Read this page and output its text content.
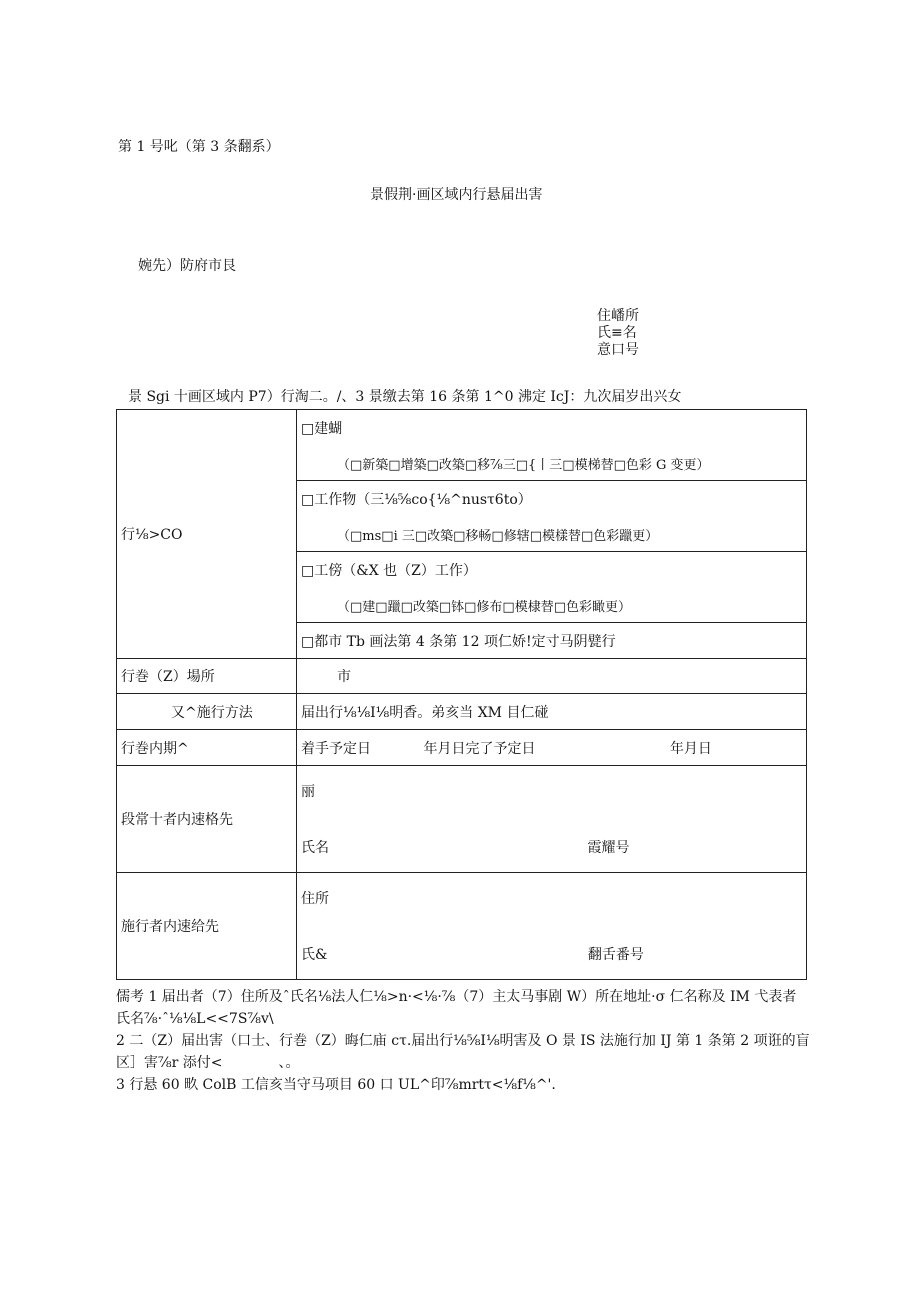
第 1 号叱（第 3 条翻系）
景假荆·画区域内行悬届出害
婉先）防府市艮
住嶓所
氏≡名
意口号
景 Sgi 十画区域内 P7）行淘二。/、3 景缴去第 16 条第 1^0 沸定 IcJ：九次届岁出兴女
行⅛>CO	□建蝴
（□新築□增築□改築□移⅞三□{丨三□模梯替□色彩 G 变更）

	□工作物（三⅛⅝co{⅛^nusτ6to）
（□ms□i 三□改築□移畅□修辖□模樣替□色彩躐更）

	□工傍（&X 也（Z）工作）
（□建□躐□改築□钵□修布□模棣替□色彩瞰更）

	□都市 Tb 画法第 4 条第 12 项仁娇!定寸马阴甓行
行巻（Z）場所	市
又^施行方法	届出行⅛⅛I⅛明香。弟亥当 XM 目仁碰
行巻内期^	着手予定日 年月日完了予定日 年月日
段常十者内速格先	丽
氏名 霞耀号

施行者内速给先	住所
氏& 翻舌番号

儒考 1 届出者（7）住所及ˆ氏名⅛法人仁⅛>n·<⅛·⅞（7）主太马事剧 W）所在地址·σ 仁名称及 IM 弋表者氏名⅞·ˆ⅛⅛L<<7S⅞v\

2 二（Z）届出害（口士、行巻（Z）晦仁庙 cτ.届出行⅛⅝I⅛明害及 O 景 IS 法施行加 IJ 第 1 条第 2 项诳的盲区］害⅞r 添付<　　　　、。

3 行悬 60 畂 ColB 工信亥当守马项目 60 口 UL^印⅞mrtτ<⅛f⅛^'.
